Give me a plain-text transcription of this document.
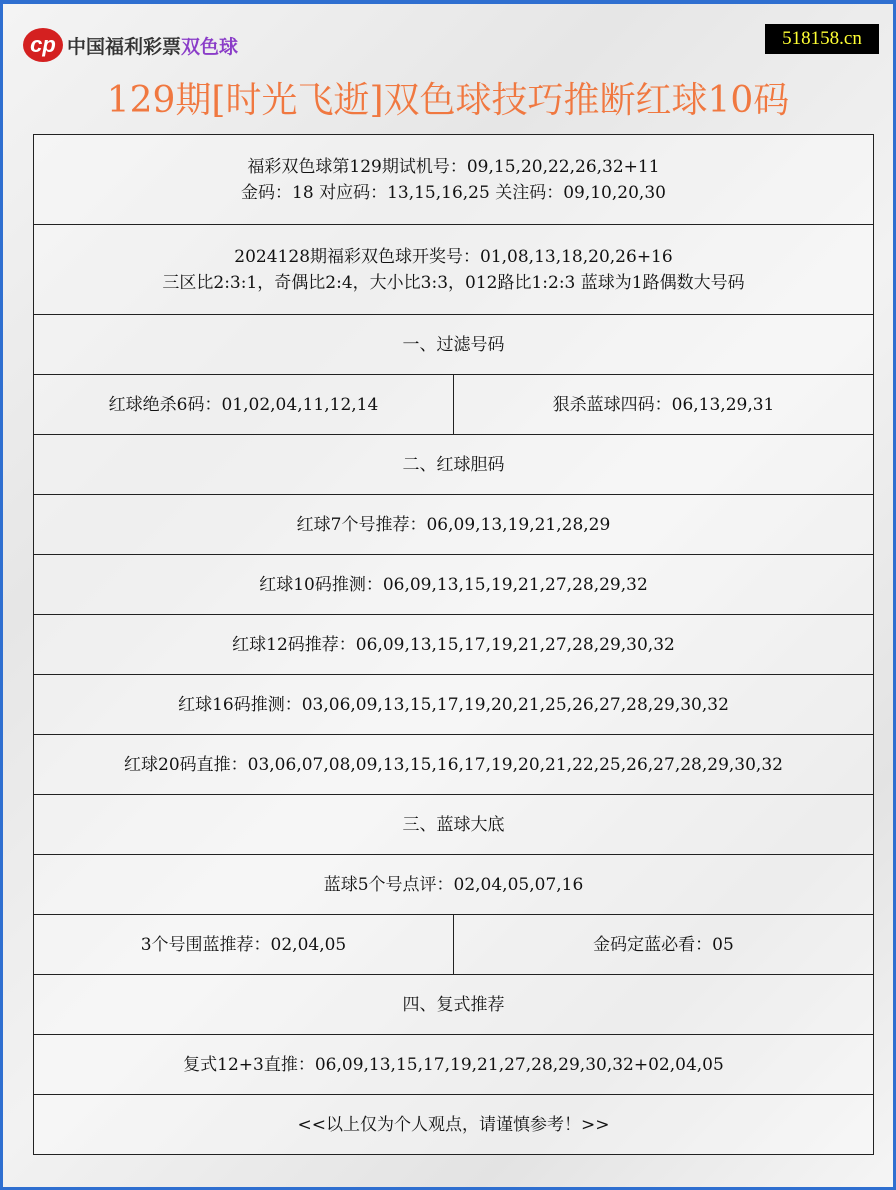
cp 中国福利彩票双色球	518158.cn
129期[时光飞逝]双色球技巧推断红球10码
福彩双色球第129期试机号：09,15,20,22,26,32+11
金码：18 对应码：13,15,16,25 关注码：09,10,20,30	

2024128期福彩双色球开奖号：01,08,13,18,20,26+16
三区比2:3:1，奇偶比2:4，大小比3:3，012路比1:2:3 蓝球为1路偶数大号码	

一、过滤号码	
红球绝杀6码：01,02,04,11,12,14	狠杀蓝球四码：06,13,29,31
二、红球胆码	
红球7个号推荐：06,09,13,19,21,28,29	
红球10码推测：06,09,13,15,19,21,27,28,29,32	
红球12码推荐：06,09,13,15,17,19,21,27,28,29,30,32	
红球16码推测：03,06,09,13,15,17,19,20,21,25,26,27,28,29,30,32	
红球20码直推：03,06,07,08,09,13,15,16,17,19,20,21,22,25,26,27,28,29,30,32	
三、蓝球大底	
蓝球5个号点评：02,04,05,07,16	
3个号围蓝推荐：02,04,05	金码定蓝必看：05
四、复式推荐	
复式12+3直推：06,09,13,15,17,19,21,27,28,29,30,32+02,04,05	
<<以上仅为个人观点，请谨慎参考！>>	
